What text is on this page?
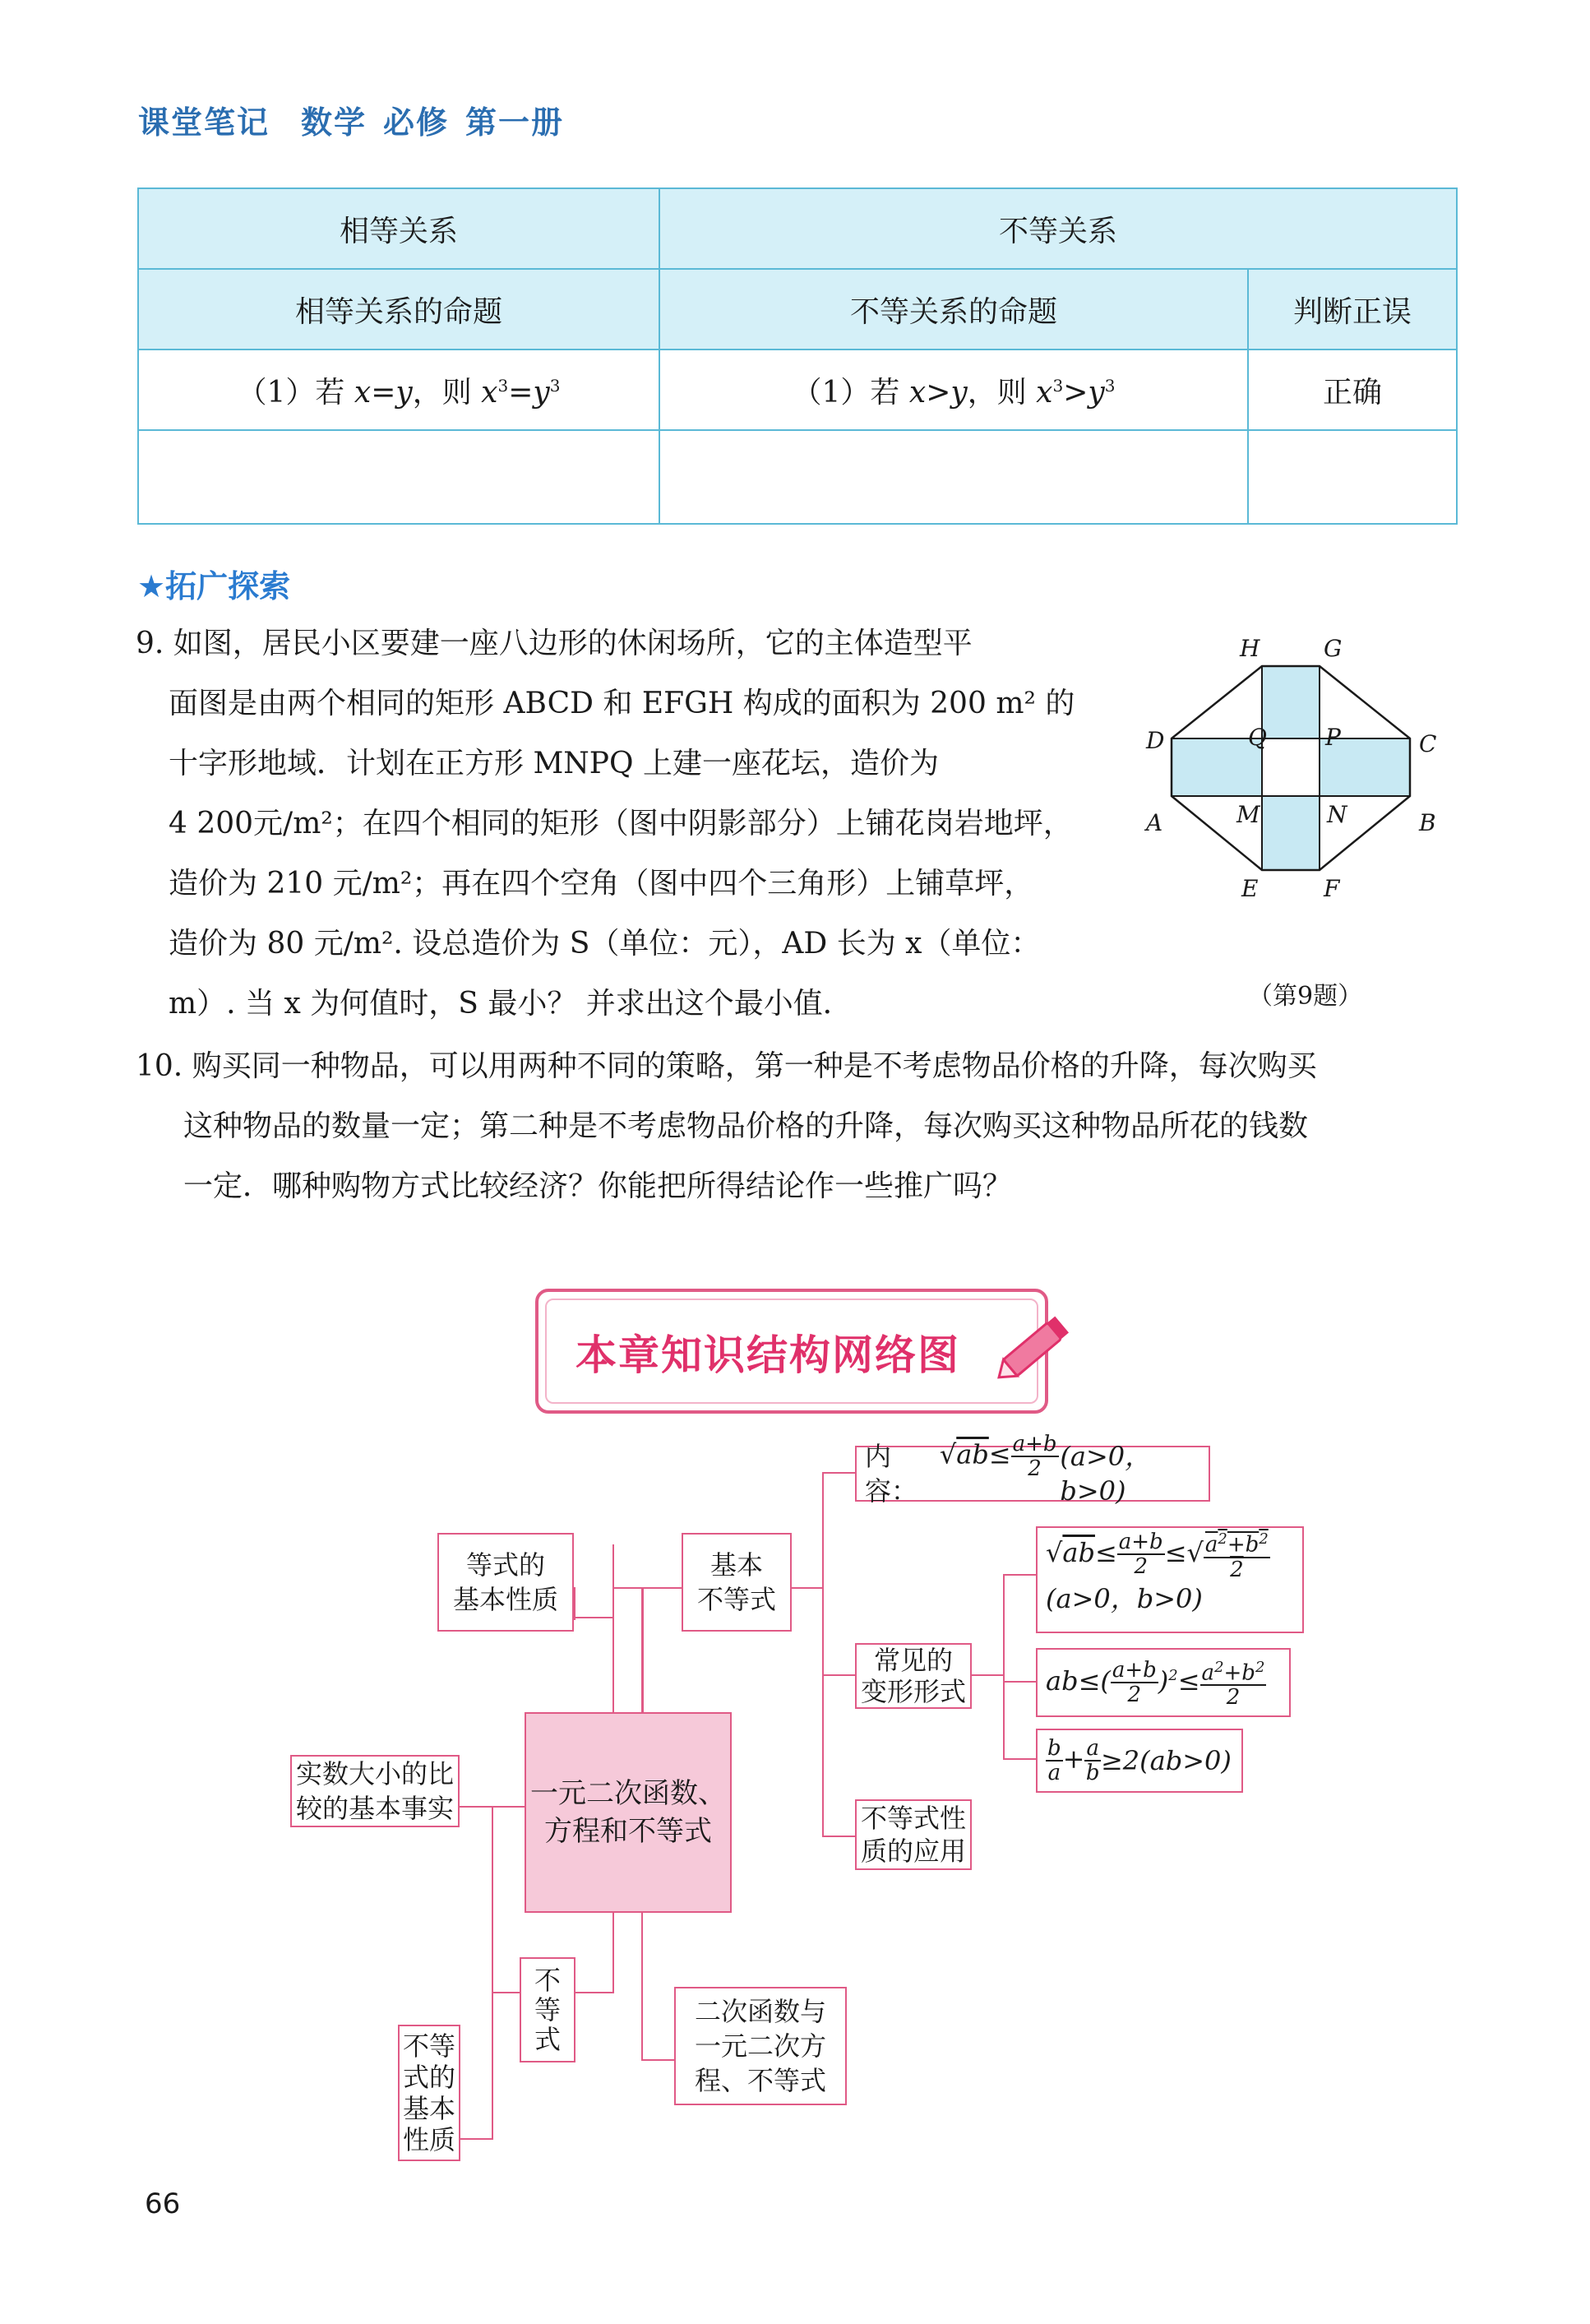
课堂笔记 数学 必修 第一册
相等关系	不等关系	
相等关系的命题	不等关系的命题	判断正误
（1）若 x=y，则 $x^3=y^3$	（1）若 x>y，则 $x^3>y^3$	正确

★拓广探索
9. 如图，居民小区要建一座八边形的休闲场所，它的主体造型平
面图是由两个相同的矩形 ABCD 和 EFGH 构成的面积为 200 m² 的
十字形地域．计划在正方形 MNPQ 上建一座花坛，造价为
4 200元/m²；在四个相同的矩形（图中阴影部分）上铺花岗岩地坪，
造价为 210 元/m²；再在四个空角（图中四个三角形）上铺草坪，
造价为 80 元/m². 设总造价为 S（单位：元），AD 长为 x（单位：
m）. 当 x 为何值时，S 最小？ 并求出这个最小值．
H	G
D	C
A	B
Q	P
M	N
E	F
（第9题）
10. 购买同一种物品，可以用两种不同的策略，第一种是不考虑物品价格的升降，每次购买
这种物品的数量一定；第二种是不考虑物品价格的升降，每次购买这种物品所花的钱数
一定．哪种购物方式比较经济？你能把所得结论作一些推广吗？
本章知识结构网络图
等式的
基本性质
基本
不等式
实数大小的比
较的基本事实	一元二次函数、
方程和不等式
不
等
式
不等
式的
基本
性质
二次函数与
一元二次方
程、不等式
内容：
$√ab\le \frac{a+b}{2}$
(a>0，b>0)
常见的
变形形式
不等式性
质的应用
$√ab\le \frac{a+b}{2}$ ≤√ $\frac{a^2+b^2}{2}$
(a>0，b>0)
$ab\le( \frac{a+b}{2} )^2\le \frac{a^2+b^2}{2}$
$\frac{b}{a} + \frac{a}{b} \ge 2(ab>0)$
66
